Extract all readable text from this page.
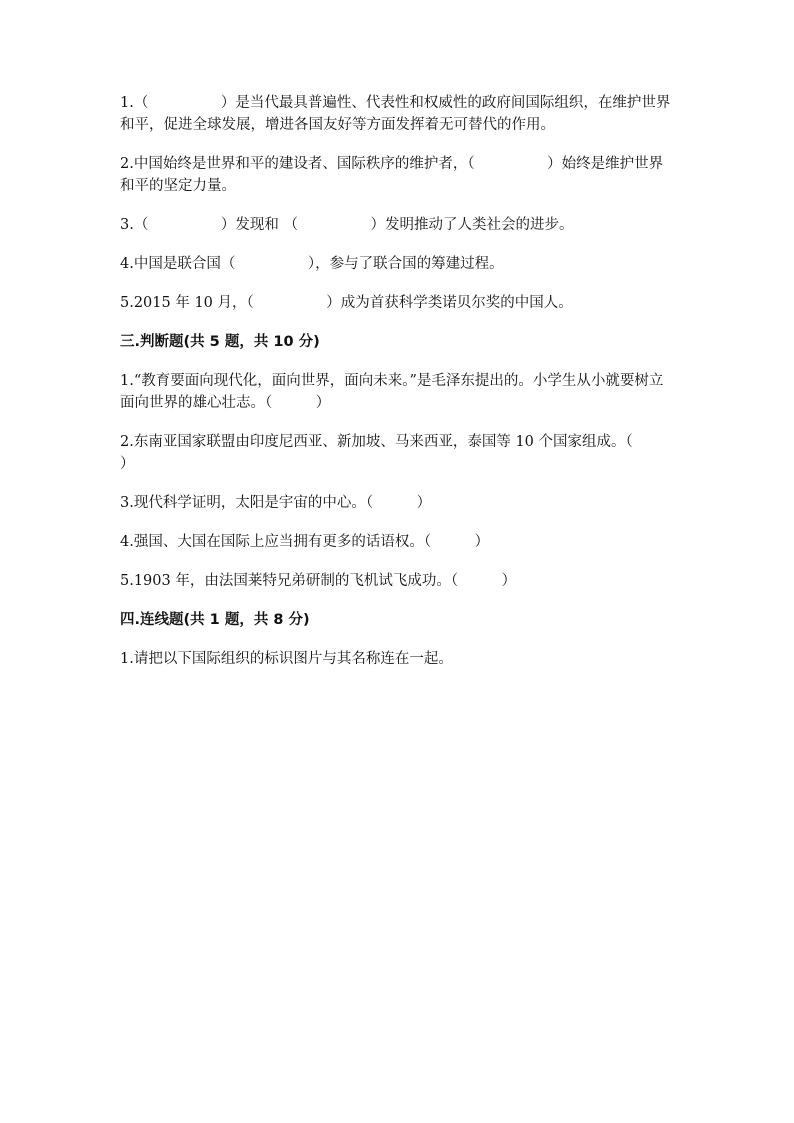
1.（　　　　　）是当代最具普遍性、代表性和权威性的政府间国际组织，在维护世界和平，促进全球发展，增进各国友好等方面发挥着无可替代的作用。

2.中国始终是世界和平的建设者、国际秩序的维护者，（　　　　　）始终是维护世界和平的坚定力量。

3.（　　　　　）发现和 （　　　　　）发明推动了人类社会的进步。

4.中国是联合国（　　　　　），参与了联合国的筹建过程。

5.2015 年 10 月，（　　　　　）成为首获科学类诺贝尔奖的中国人。

三.判断题(共 5 题，共 10 分)

1.“教育要面向现代化，面向世界，面向未来。”是毛泽东提出的。小学生从小就要树立面向世界的雄心壮志。（　　　）

2.东南亚国家联盟由印度尼西亚、新加坡、马来西亚，泰国等 10 个国家组成。（　　　）

3.现代科学证明，太阳是宇宙的中心。（　　　）

4.强国、大国在国际上应当拥有更多的话语权。（　　　）

5.1903 年，由法国莱特兄弟研制的飞机试飞成功。（　　　）

四.连线题(共 1 题，共 8 分)

1.请把以下国际组织的标识图片与其名称连在一起。
